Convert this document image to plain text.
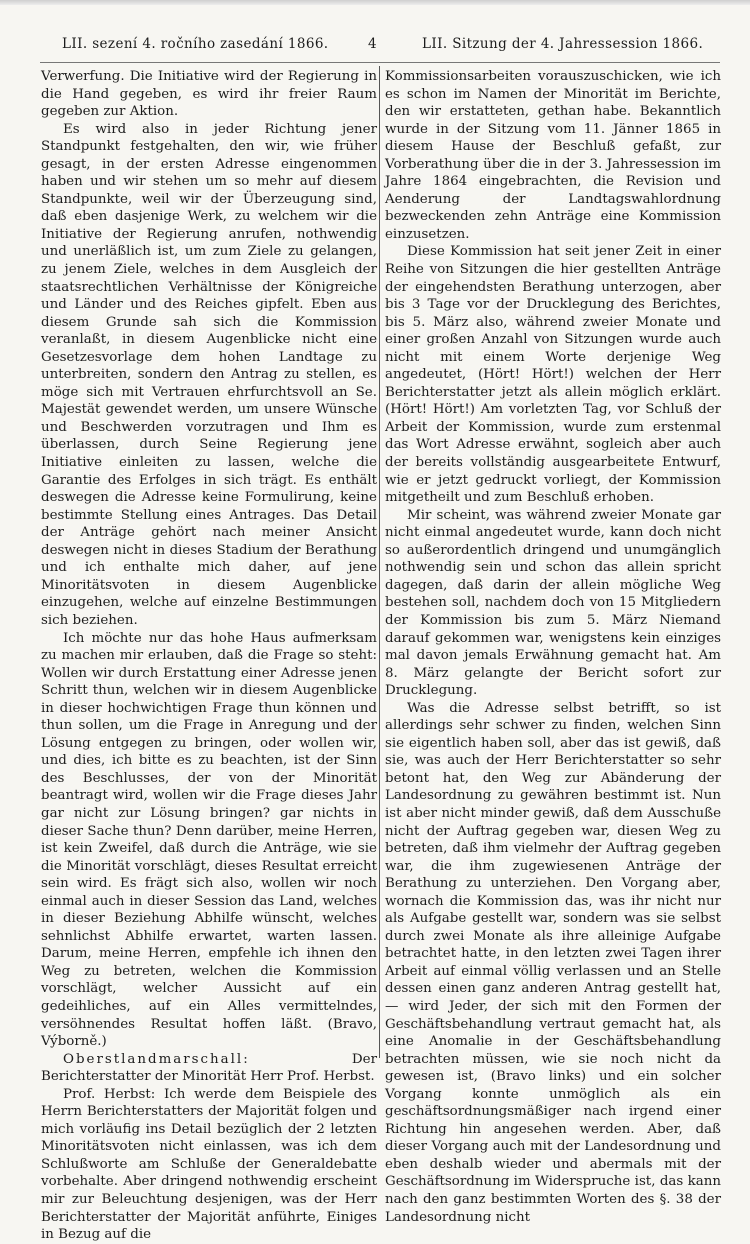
LII. sezení 4. ročního zasedání 1866.	4	LII. Sitzung der 4. Jahressession 1866.

Verwerfung. Die Initiative wird der Regierung in die Hand gegeben, es wird ihr freier Raum gegeben zur Aktion.

Es wird also in jeder Richtung jener Standpunkt festgehalten, den wir, wie früher gesagt, in der ersten Adresse eingenommen haben und wir stehen um so mehr auf diesem Standpunkte, weil wir der Überzeugung sind, daß eben dasjenige Werk, zu welchem wir die Initiative der Regierung anrufen, nothwendig und unerläßlich ist, um zum Ziele zu gelangen, zu jenem Ziele, welches in dem Ausgleich der staatsrechtlichen Verhältnisse der Königreiche und Länder und des Reiches gipfelt. Eben aus diesem Grunde sah sich die Kommission veranlaßt, in diesem Augenblicke nicht eine Gesetzesvorlage dem hohen Landtage zu unterbreiten, sondern den Antrag zu stellen, es möge sich mit Vertrauen ehrfurchtsvoll an Se. Majestät gewendet werden, um unsere Wünsche und Beschwerden vorzutragen und Ihm es überlassen, durch Seine Regierung jene Initiative einleiten zu lassen, welche die Garantie des Erfolges in sich trägt. Es enthält deswegen die Adresse keine Formulirung, keine bestimmte Stellung eines Antrages. Das Detail der Anträge gehört nach meiner Ansicht deswegen nicht in dieses Stadium der Berathung und ich enthalte mich daher, auf jene Minoritätsvoten in diesem Augenblicke einzugehen, welche auf einzelne Bestimmungen sich beziehen.

Ich möchte nur das hohe Haus aufmerksam zu machen mir erlauben, daß die Frage so steht: Wollen wir durch Erstattung einer Adresse jenen Schritt thun, welchen wir in diesem Augenblicke in dieser hochwichtigen Frage thun können und thun sollen, um die Frage in Anregung und der Lösung entgegen zu bringen, oder wollen wir, und dies, ich bitte es zu beachten, ist der Sinn des Beschlusses, der von der Minorität beantragt wird, wollen wir die Frage dieses Jahr gar nicht zur Lösung bringen? gar nichts in dieser Sache thun? Denn darüber, meine Herren, ist kein Zweifel, daß durch die Anträge, wie sie die Minorität vorschlägt, dieses Resultat erreicht sein wird. Es frägt sich also, wollen wir noch einmal auch in dieser Session das Land, welches in dieser Beziehung Abhilfe wünscht, welches sehnlichst Abhilfe erwartet, warten lassen. Darum, meine Herren, empfehle ich ihnen den Weg zu betreten, welchen die Kommission vorschlägt, welcher Aussicht auf ein gedeihliches, auf ein Alles vermittelndes, versöhnendes Resultat hoffen läßt. (Bravo, Výborně.)

Oberstlandmarschall: Der Berichterstatter der Minorität Herr Prof. Herbst.

Prof. Herbst: Ich werde dem Beispiele des Herrn Berichterstatters der Majorität folgen und mich vorläufig ins Detail bezüglich der 2 letzten Minoritätsvoten nicht einlassen, was ich dem Schlußworte am Schluße der Generaldebatte vorbehalte. Aber dringend nothwendig erscheint mir zur Beleuchtung desjenigen, was der Herr Berichterstatter der Majorität anführte, Einiges in Bezug auf die

Kommissionsarbeiten vorauszuschicken, wie ich es schon im Namen der Minorität im Berichte, den wir erstatteten, gethan habe. Bekanntlich wurde in der Sitzung vom 11. Jänner 1865 in diesem Hause der Beschluß gefaßt, zur Vorberathung über die in der 3. Jahressession im Jahre 1864 eingebrachten, die Revision und Aenderung der Landtagswahlordnung bezweckenden zehn Anträge eine Kommission einzusetzen.

Diese Kommission hat seit jener Zeit in einer Reihe von Sitzungen die hier gestellten Anträge der eingehendsten Berathung unterzogen, aber bis 3 Tage vor der Drucklegung des Berichtes, bis 5. März also, während zweier Monate und einer großen Anzahl von Sitzungen wurde auch nicht mit einem Worte derjenige Weg angedeutet, (Hört! Hört!) welchen der Herr Berichterstatter jetzt als allein möglich erklärt. (Hört! Hört!) Am vorletzten Tag, vor Schluß der Arbeit der Kommission, wurde zum erstenmal das Wort Adresse erwähnt, sogleich aber auch der bereits vollständig ausgearbeitete Entwurf, wie er jetzt gedruckt vorliegt, der Kommission mitgetheilt und zum Beschluß erhoben.

Mir scheint, was während zweier Monate gar nicht einmal angedeutet wurde, kann doch nicht so außerordentlich dringend und unumgänglich nothwendig sein und schon das allein spricht dagegen, daß darin der allein mögliche Weg bestehen soll, nachdem doch von 15 Mitgliedern der Kommission bis zum 5. März Niemand darauf gekommen war, wenigstens kein einziges mal davon jemals Erwähnung gemacht hat. Am 8. März gelangte der Bericht sofort zur Drucklegung.

Was die Adresse selbst betrifft, so ist allerdings sehr schwer zu finden, welchen Sinn sie eigentlich haben soll, aber das ist gewiß, daß sie, was auch der Herr Berichterstatter so sehr betont hat, den Weg zur Abänderung der Landesordnung zu gewähren bestimmt ist. Nun ist aber nicht minder gewiß, daß dem Ausschuße nicht der Auftrag gegeben war, diesen Weg zu betreten, daß ihm vielmehr der Auftrag gegeben war, die ihm zugewiesenen Anträge der Berathung zu unterziehen. Den Vorgang aber, wornach die Kommission das, was ihr nicht nur als Aufgabe gestellt war, sondern was sie selbst durch zwei Monate als ihre alleinige Aufgabe betrachtet hatte, in den letzten zwei Tagen ihrer Arbeit auf einmal völlig verlassen und an Stelle dessen einen ganz anderen Antrag gestellt hat, — wird Jeder, der sich mit den Formen der Geschäftsbehandlung vertraut gemacht hat, als eine Anomalie in der Geschäftsbehandlung betrachten müssen, wie sie noch nicht da gewesen ist, (Bravo links) und ein solcher Vorgang konnte unmöglich als ein geschäftsordnungsmäßiger nach irgend einer Richtung hin angesehen werden. Aber, daß dieser Vorgang auch mit der Landesordnung und eben deshalb wieder und abermals mit der Geschäftsordnung im Widerspruche ist, das kann nach den ganz bestimmten Worten des §. 38 der Landesordnung nicht
